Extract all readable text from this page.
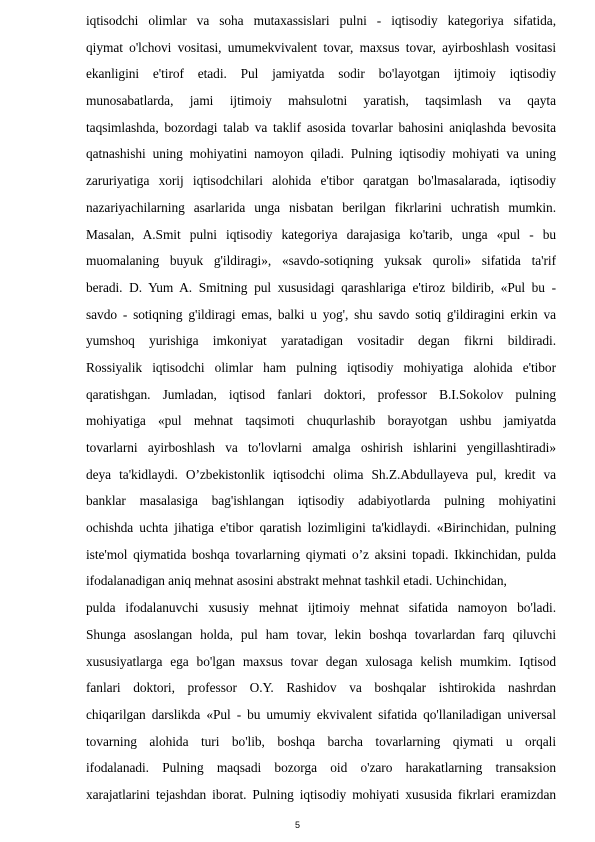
iqtisodchi olimlar va soha mutaxassislari pulni - iqtisodiy kategoriya sifatida,
qiymat o'lchovi vositasi, umumekvivalent tovar, maxsus tovar, ayirboshlash vositasi
ekanligini e'tirof etadi. Pul jamiyatda sodir bo'layotgan ijtimoiy iqtisodiy
munosabatlarda, jami ijtimoiy mahsulotni yaratish, taqsimlash va qayta
taqsimlashda, bozordagi talab va taklif asosida tovarlar bahosini aniqlashda bevosita
qatnashishi uning mohiyatini namoyon qiladi. Pulning iqtisodiy mohiyati va uning
zaruriyatiga xorij iqtisodchilari alohida e'tibor qaratgan bo'lmasalarada, iqtisodiy
nazariyachilarning asarlarida unga nisbatan berilgan fikrlarini uchratish mumkin.
Masalan, A.Smit pulni iqtisodiy kategoriya darajasiga ko'tarib, unga «pul - bu
muomalaning buyuk g'ildiragi», «savdo-sotiqning yuksak quroli» sifatida ta'rif
beradi. D. Yum A. Smitning pul xususidagi qarashlariga e'tiroz bildirib, «Pul bu -
savdo - sotiqning g'ildiragi emas, balki u yog', shu savdo sotiq g'ildiragini erkin va
yumshoq yurishiga imkoniyat yaratadigan vositadir degan fikrni bildiradi.
Rossiyalik iqtisodchi olimlar ham pulning iqtisodiy mohiyatiga alohida e'tibor
qaratishgan. Jumladan, iqtisod fanlari doktori, professor B.I.Sokolov pulning
mohiyatiga «pul mehnat taqsimoti chuqurlashib borayotgan ushbu jamiyatda
tovarlarni ayirboshlash va to'lovlarni amalga oshirish ishlarini yengillashtiradi»
deya ta'kidlaydi. O’zbekistonlik iqtisodchi olima Sh.Z.Abdullayeva pul, kredit va
banklar masalasiga bag'ishlangan iqtisodiy adabiyotlarda pulning mohiyatini
ochishda uchta jihatiga e'tibor qaratish lozimligini ta'kidlaydi. «Birinchidan, pulning
iste'mol qiymatida boshqa tovarlarning qiymati o’z aksini topadi. Ikkinchidan, pulda
ifodalanadigan aniq mehnat asosini abstrakt mehnat tashkil etadi. Uchinchidan,
pulda ifodalanuvchi xususiy mehnat ijtimoiy mehnat sifatida namoyon bo'ladi.
Shunga asoslangan holda, pul ham tovar, lekin boshqa tovarlardan farq qiluvchi
xususiyatlarga ega bo'lgan maxsus tovar degan xulosaga kelish mumkim. Iqtisod
fanlari doktori, professor O.Y. Rashidov va boshqalar ishtirokida nashrdan
chiqarilgan darslikda «Pul - bu umumiy ekvivalent sifatida qo'llaniladigan universal
tovarning alohida turi bo'lib, boshqa barcha tovarlarning qiymati u orqali
ifodalanadi. Pulning maqsadi bozorga oid o'zaro harakatlarning transaksion
xarajatlarini tejashdan iborat. Pulning iqtisodiy mohiyati xususida fikrlari eramizdan
5
